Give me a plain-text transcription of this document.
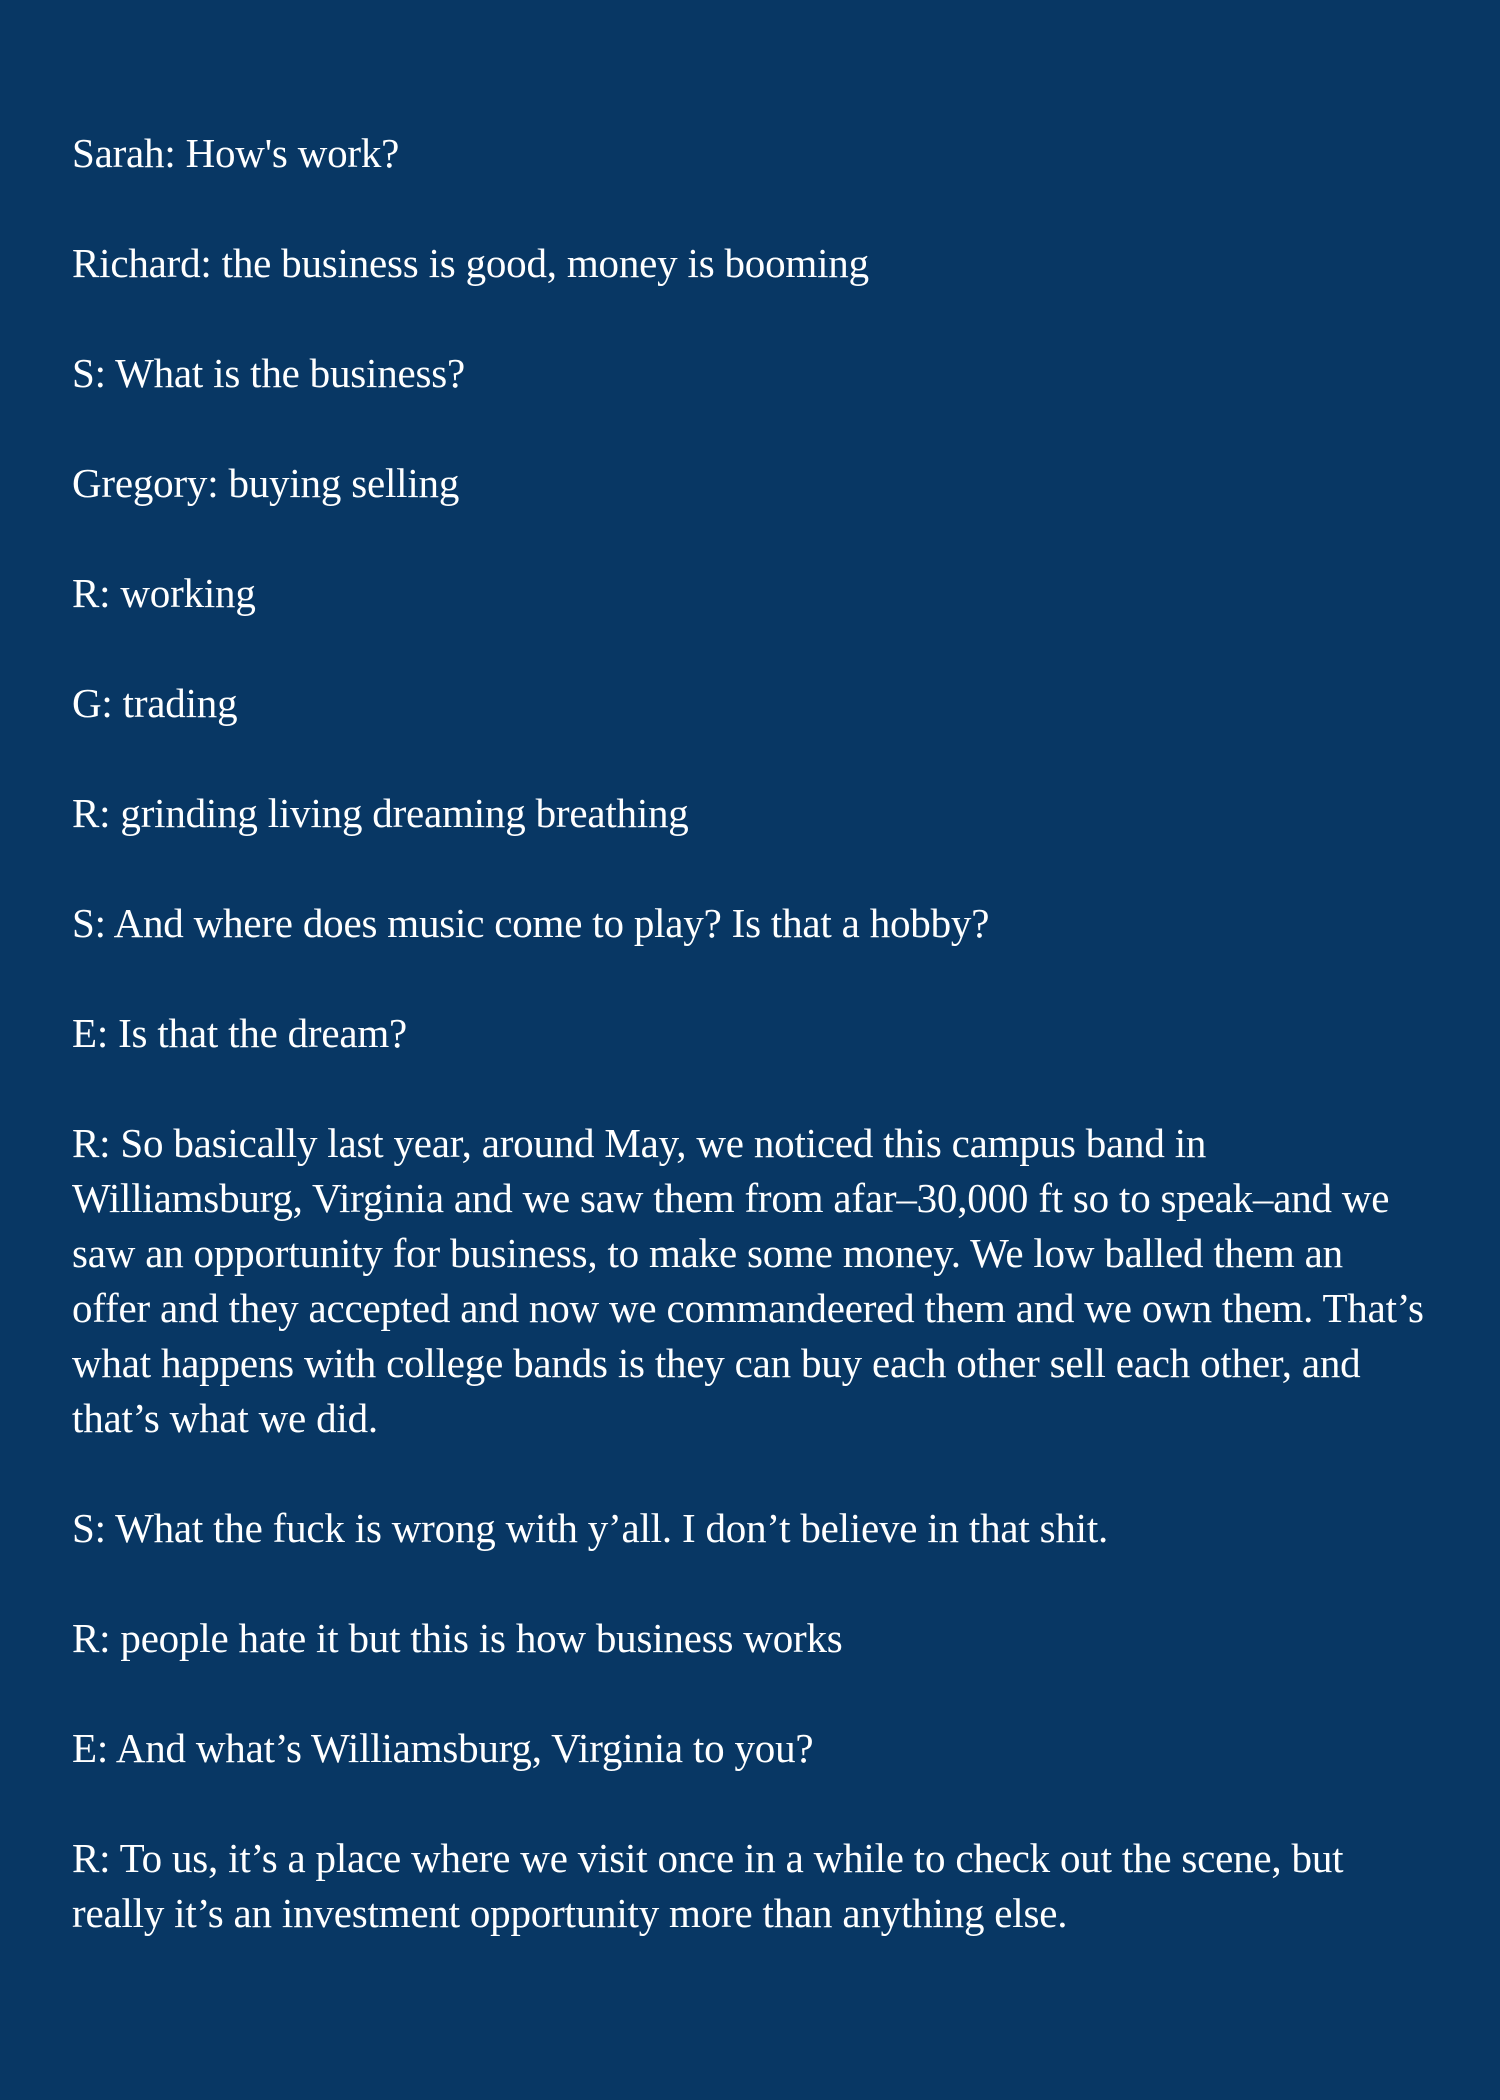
Sarah: How's work?

Richard: the business is good, money is booming

S: What is the business?

Gregory: buying selling

R: working

G: trading

R: grinding living dreaming breathing

S: And where does music come to play? Is that a hobby?

E: Is that the dream?

R: So basically last year, around May, we noticed this campus band in Williamsburg, Virginia and we saw them from afar–30,000 ft so to speak–and we saw an opportunity for business, to make some money. We low balled them an offer and they accepted and now we commandeered them and we own them. That’s what happens with college bands is they can buy each other sell each other, and that’s what we did.

S: What the fuck is wrong with y’all. I don’t believe in that shit.

R: people hate it but this is how business works

E: And what’s Williamsburg, Virginia to you?

R: To us, it’s a place where we visit once in a while to check out the scene, but really it’s an investment opportunity more than anything else.
